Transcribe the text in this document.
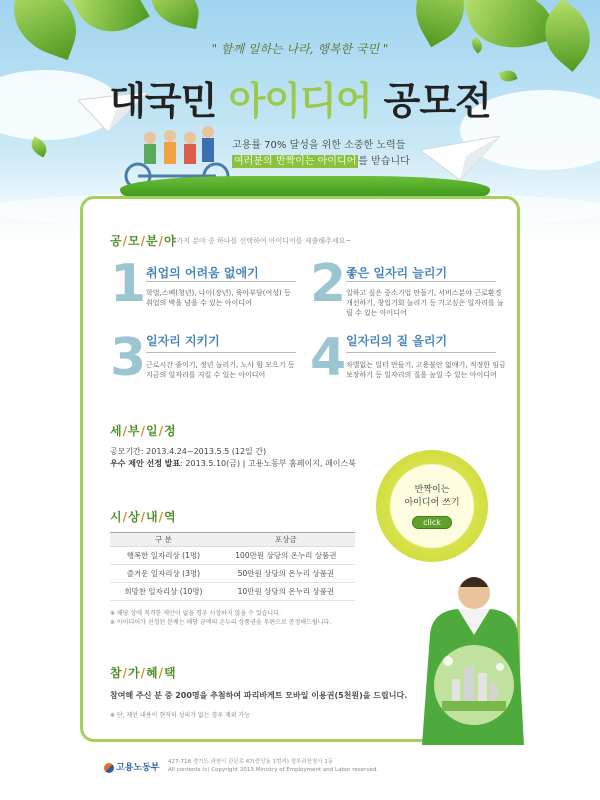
" 함께 일하는 나라, 행복한 국민 "
대국민 아이디어 공모전
고용률 70% 달성을 위한 소중한 노력들
여러분의 반짝이는 아이디어 를 받습니다
공/모/분/야
4가지 분야 중 하나를 선택하여 아이디어를 제출해주세요~
1 취업의 어려움 없애기
학벌,스펙(청년), 나이(장년), 육아부담(여성) 등 취업의 벽을 넘을 수 있는 아이디어	2 좋은 일자리 늘리기
일하고 싶은 중소기업 만들기, 서비스분야 근로환경 개선하기, 창업기회 늘리기 등 기고싶은 일자리를 늘릴 수 있는 아이디어
3 일자리 지키기
근로시간 줄이기, 정년 늘리기, 노사 힘 모으기 등 지금의 일자리를 지킬 수 있는 아이디어 4 일자리의 질 올리기
차별없는 일터 만들기, 고용불안 없애기, 적정한 임금 보장하기 등 일자리의 질을 높일 수 있는 아이디어
세/부/일/정
공모기간: 2013.4.24~2013.5.5 (12일 간)
우수 제안 선정 발표: 2013.5.10(금) | 고용노동부 홈페이지, 페이스북
시/상/내/역
구 분	포상금
행복한 일자리상 (1명)	100만원 상당의 온누리 상품권
즐거운 일자리상 (3명)	50만원 상당의 온누리 상품권
희망찬 일자리상 (10명)	10만원 상당의 온누리 상품권
※ 해당 상에 적격한 제안이 없을 경우 시상하지 않을 수 있습니다.
※ 아이디어가 선정된 분께는 해당 금액의 온누리 상품권을 우편으로 증정해드립니다.
참/가/혜/택
참여해 주신 분 중 200명을 추첨하여 파리바게트 모바일 이용권(5천원)을 드립니다.
※ 단, 제안 내용이 현저히 성의가 없는 경우 제외 가능
반짝이는
아이디어 쓰기
click
고용노동부
427-718 경기도 과천시 관문로 47(중앙동 1번지) 정부과천청사 1동
All contents (c) Copyright 2013 Ministry of Employment and Labor reserved.
